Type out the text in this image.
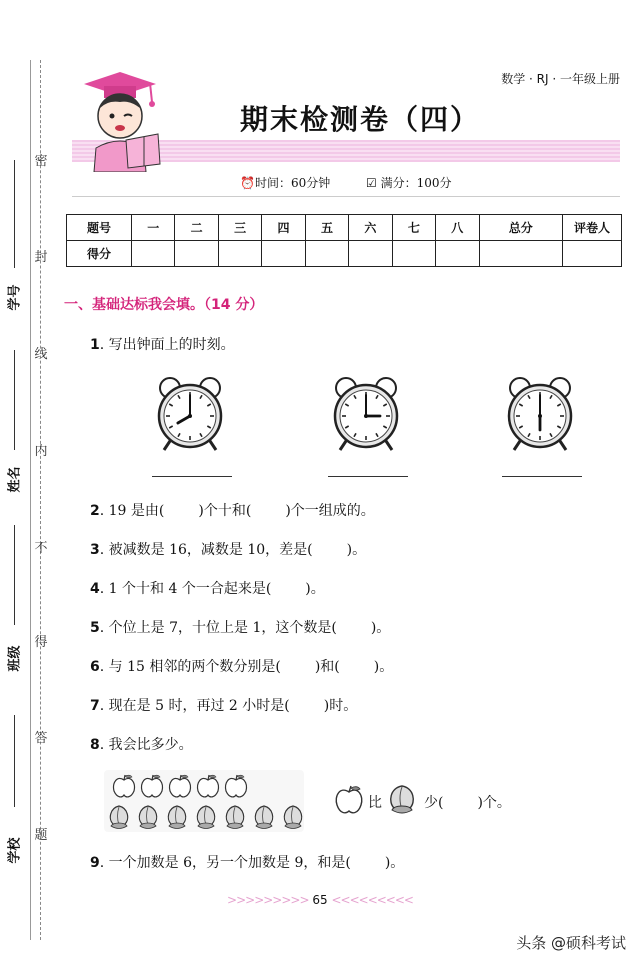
密
封
线
内
不
得
答
题
学号
姓名
班级
学校
数学 · RJ · 一年级上册
期末检测卷（四）
⏰时间：60分钟	☑ 满分：100分
题号	一	二	三	四	五	六	七	八	总分	评卷人
得分										
一、基础达标我会填。（14 分）
1. 写出钟面上的时刻。
2. 19 是由( )个十和( )个一组成的。
3. 被减数是 16，减数是 10，差是( )。
4. 1 个十和 4 个一合起来是( )。
5. 个位上是 7，十位上是 1，这个数是( )。
6. 与 15 相邻的两个数分别是( )和( )。
7. 现在是 5 时，再过 2 小时是( )时。
8. 我会比多少。
比	少( )个。
9. 一个加数是 6，另一个加数是 9，和是( )。
>>>>>>>>> 65 <<<<<<<<<
头条 @硕科考试
